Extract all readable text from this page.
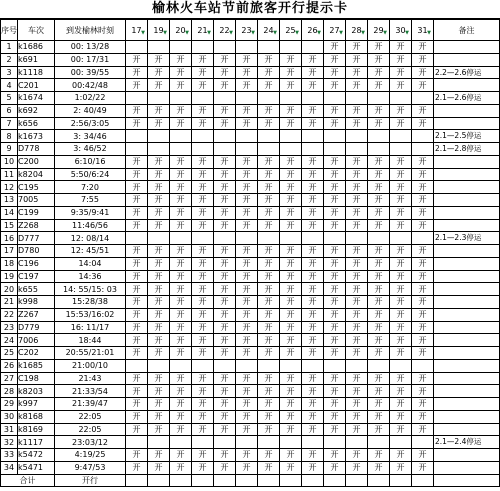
榆林火车站节前旅客开行提示卡
序号	车次	到发榆林时刻	17 ▼	19 ▼	20 ▼	21 ▼	22 ▼	23 ▼	24 ▼	25 ▼	26 ▼	27 ▼	28 ▼	29 ▼	30 ▼	31 ▼	备注
1	k1686	00: 13/28										开	开	开	开	开	

2	k691	00: 17/31	开	开	开	开	开	开	开	开	开	开	开	开	开	开	

3	k1118	00: 39/55	开	开	开	开	开	开	开	开	开	开	开	开	开	开	2.2—2.6停运

4	C201	00:42/48	开	开	开	开	开	开	开	开	开	开	开	开	开	开	

5	k1674	1:02/22															2.1—2.6停运

6	k692	2: 40/49	开	开	开	开	开	开	开	开	开	开	开	开	开	开	

7	k656	2:56/3:05	开	开	开	开	开	开	开	开	开	开	开	开	开	开	

8	k1673	3: 34/46															2.1—2.5停运

9	D778	3: 46/52															2.1—2.8停运

10	C200	6:10/16	开	开	开	开	开	开	开	开	开	开	开	开	开	开	

11	k8204	5:50/6:24	开	开	开	开	开	开	开	开	开	开	开	开	开	开	

12	C195	7:20	开	开	开	开	开	开	开	开	开	开	开	开	开	开	

13	7005	7:55	开	开	开	开	开	开	开	开	开	开	开	开	开	开	

14	C199	9:35/9:41	开	开	开	开	开	开	开	开	开	开	开	开	开	开	

15	Z268	11:46/56	开	开	开	开	开	开	开	开	开	开	开	开	开	开	

16	D777	12: 08/14															2.1—2.3停运

17	D780	12: 45/51	开	开	开	开	开	开	开	开	开	开	开	开	开	开	

18	C196	14:04	开	开	开	开	开	开	开	开	开	开	开	开	开	开	

19	C197	14:36	开	开	开	开	开	开	开	开	开	开	开	开	开	开	

20	k655	14: 55/15: 03	开	开	开	开	开	开	开	开	开	开	开	开	开	开	

21	k998	15:28/38	开	开	开	开	开	开	开	开	开	开	开	开	开	开	

22	Z267	15:53/16:02	开	开	开	开	开	开	开	开	开	开	开	开	开	开	

23	D779	16: 11/17	开	开	开	开	开	开	开	开	开	开	开	开	开	开	

24	7006	18:44	开	开	开	开	开	开	开	开	开	开	开	开	开	开	

25	C202	20:55/21:01	开	开	开	开	开	开	开	开	开	开	开	开	开	开	

26	k1685	21:00/10															

27	C198	21:43	开	开	开	开	开	开	开	开	开	开	开	开	开	开	

28	k8203	21:33/54	开	开	开	开	开	开	开	开	开	开	开	开	开	开	

29	k997	21:39/47	开	开	开	开	开	开	开	开	开	开	开	开	开	开	

30	k8168	22:05	开	开	开	开	开	开	开	开	开	开	开	开	开	开	

31	k8169	22:05	开	开	开	开	开	开	开	开	开	开	开	开	开	开	

32	k1117	23:03/12															2.1—2.4停运

33	k5472	4:19/25	开	开	开	开	开	开	开	开	开	开	开	开	开	开	

34	k5471	9:47/53	开	开	开	开	开	开	开	开	开	开	开	开	开	开	

合计		开行															
